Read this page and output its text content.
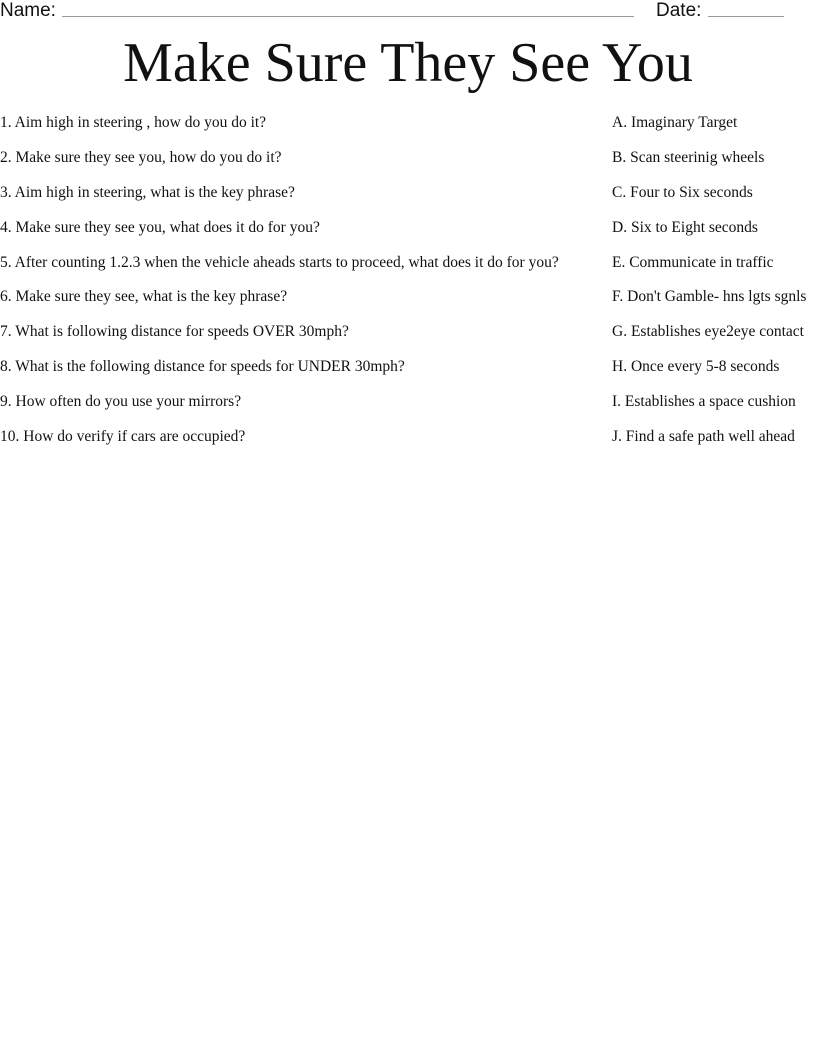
Name:	Date:
Make Sure They See You
1. Aim high in steering , how do you do it?
2. Make sure they see you, how do you do it?
3. Aim high in steering, what is the key phrase?
4. Make sure they see you, what does it do for you?
5. After counting 1.2.3 when the vehicle aheads starts to proceed, what does it do for you?
6. Make sure they see, what is the key phrase?
7. What is following distance for speeds OVER 30mph?
8. What is the following distance for speeds for UNDER 30mph?
9. How often do you use your mirrors?
10. How do verify if cars are occupied?
A. Imaginary Target
B. Scan steerinig wheels
C. Four to Six seconds
D. Six to Eight seconds
E. Communicate in traffic
F. Don't Gamble- hns lgts sgnls
G. Establishes eye2eye contact
H. Once every 5-8 seconds
I. Establishes a space cushion
J. Find a safe path well ahead
